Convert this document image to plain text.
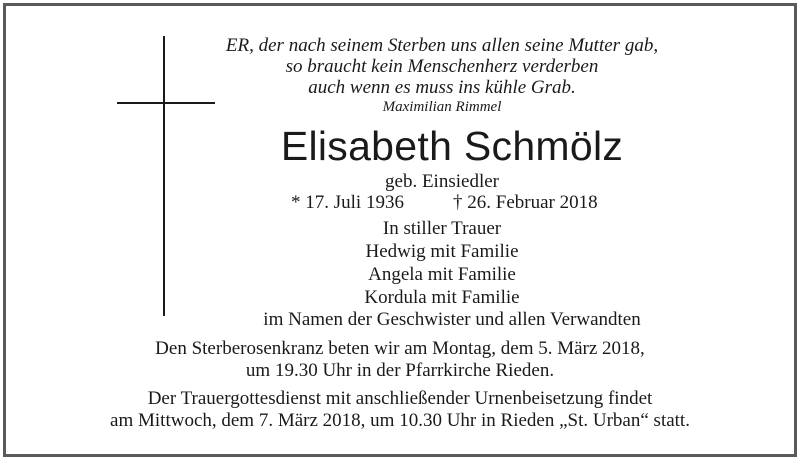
ER, der nach seinem Sterben uns allen seine Mutter gab,
so braucht kein Menschenherz verderben
auch wenn es muss ins kühle Grab.
Maximilian Rimmel
Elisabeth Schmölz
geb. Einsiedler
* 17. Juli 1936	† 26. Februar 2018
In stiller Trauer
Hedwig mit Familie
Angela mit Familie
Kordula mit Familie
im Namen der Geschwister und allen Verwandten
Den Sterberosenkranz beten wir am Montag, dem 5. März 2018,
um 19.30 Uhr in der Pfarrkirche Rieden.
Der Trauergottesdienst mit anschließender Urnenbeisetzung findet
am Mittwoch, dem 7. März 2018, um 10.30 Uhr in Rieden „St. Urban“ statt.
